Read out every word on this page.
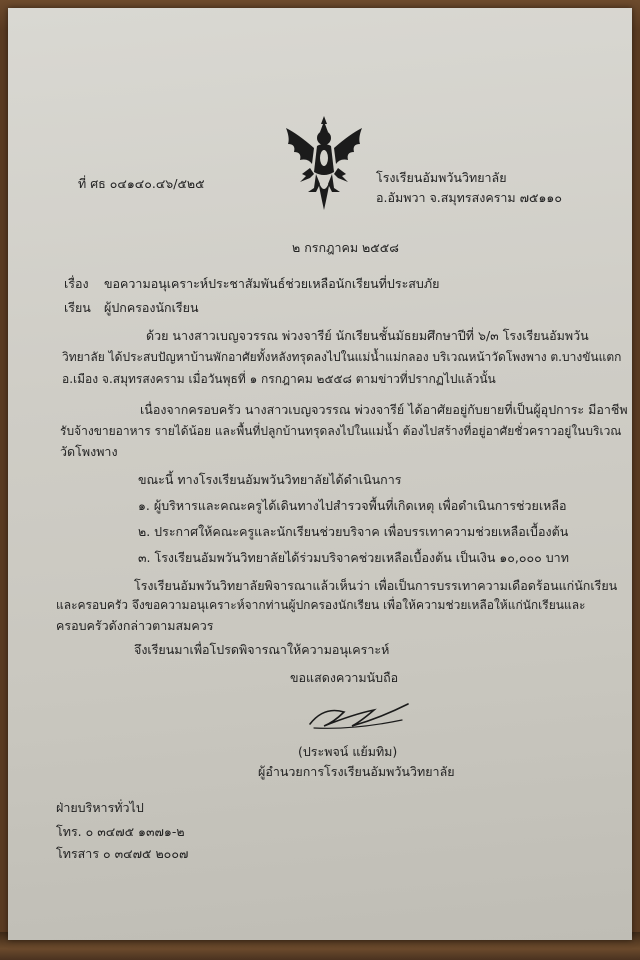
ที่ ศธ ๐๔๑๔๐.๔๖/๕๒๕	โรงเรียนอัมพวันวิทยาลัย
อ.อัมพวา จ.สมุทรสงคราม ๗๕๑๑๐
๒ กรกฎาคม ๒๕๕๘
เรื่อง ขอความอนุเคราะห์ประชาสัมพันธ์ช่วยเหลือนักเรียนที่ประสบภัย
เรียน ผู้ปกครองนักเรียน
ด้วย นางสาวเบญจวรรณ พ่วงจารีย์ นักเรียนชั้นมัธยมศึกษาปีที่ ๖/๓ โรงเรียนอัมพวัน
วิทยาลัย ได้ประสบปัญหาบ้านพักอาศัยทั้งหลังทรุดลงไปในแม่น้ำแม่กลอง บริเวณหน้าวัดโพงพาง ต.บางขันแตก
อ.เมือง จ.สมุทรสงคราม เมื่อวันพุธที่ ๑ กรกฎาคม ๒๕๕๘ ตามข่าวที่ปรากฏไปแล้วนั้น
เนื่องจากครอบครัว นางสาวเบญจวรรณ พ่วงจารีย์ ได้อาศัยอยู่กับยายที่เป็นผู้อุปการะ มีอาชีพ
รับจ้างขายอาหาร รายได้น้อย และพื้นที่ปลูกบ้านทรุดลงไปในแม่น้ำ ต้องไปสร้างที่อยู่อาศัยชั่วคราวอยู่ในบริเวณ
วัดโพงพาง
ขณะนี้ ทางโรงเรียนอัมพวันวิทยาลัยได้ดำเนินการ
๑. ผู้บริหารและคณะครูได้เดินทางไปสำรวจพื้นที่เกิดเหตุ เพื่อดำเนินการช่วยเหลือ
๒. ประกาศให้คณะครูและนักเรียนช่วยบริจาค เพื่อบรรเทาความช่วยเหลือเบื้องต้น
๓. โรงเรียนอัมพวันวิทยาลัยได้ร่วมบริจาคช่วยเหลือเบื้องต้น เป็นเงิน ๑๐,๐๐๐ บาท
โรงเรียนอัมพวันวิทยาลัยพิจารณาแล้วเห็นว่า เพื่อเป็นการบรรเทาความเดือดร้อนแก่นักเรียน
และครอบครัว จึงขอความอนุเคราะห์จากท่านผู้ปกครองนักเรียน เพื่อให้ความช่วยเหลือให้แก่นักเรียนและ
ครอบครัวดังกล่าวตามสมควร
จึงเรียนมาเพื่อโปรดพิจารณาให้ความอนุเคราะห์
ขอแสดงความนับถือ
(ประพจน์ แย้มทิม)
ผู้อำนวยการโรงเรียนอัมพวันวิทยาลัย
ฝ่ายบริหารทั่วไป
โทร. ๐ ๓๔๗๕ ๑๓๗๑-๒
โทรสาร ๐ ๓๔๗๕ ๒๐๐๗
